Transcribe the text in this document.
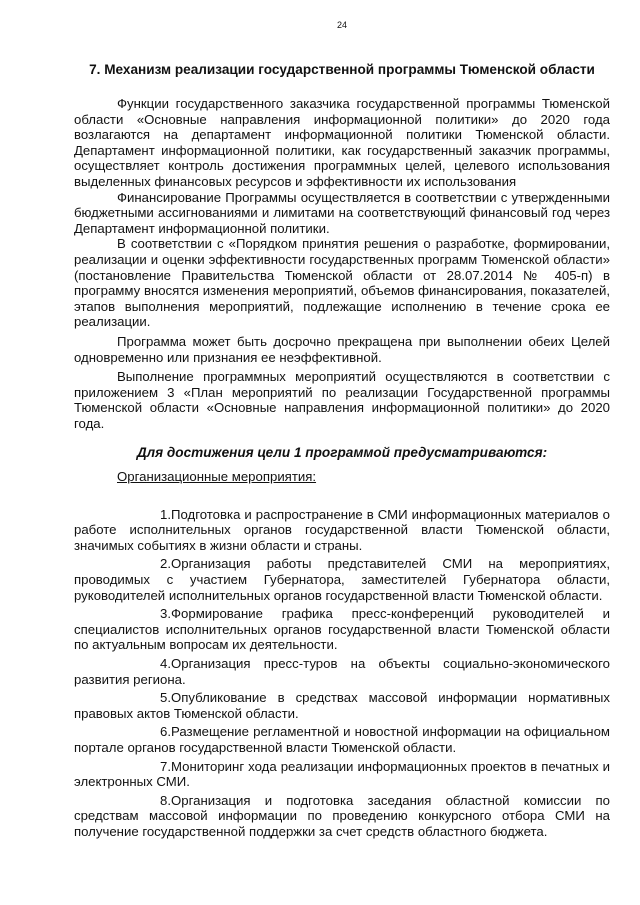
24
7. Механизм реализации государственной программы Тюменской области

Функции государственного заказчика государственной программы Тюменской области «Основные направления информационной политики» до 2020 года возлагаются на департамент информационной политики Тюменской области. Департамент информационной политики, как государственный заказчик программы, осуществляет контроль достижения программных целей, целевого использования выделенных финансовых ресурсов и эффективности их использования

Финансирование Программы осуществляется в соответствии с утвержденными бюджетными ассигнованиями и лимитами на соответствующий финансовый год через Департамент информационной политики.

В соответствии с «Порядком принятия решения о разработке, формировании, реализации и оценки эффективности государственных программ Тюменской области» (постановление Правительства Тюменской области от 28.07.2014 № 405-п) в программу вносятся изменения мероприятий, объемов финансирования, показателей, этапов выполнения мероприятий, подлежащие исполнению в течение срока ее реализации.

Программа может быть досрочно прекращена при выполнении обеих Целей одновременно или признания ее неэффективной.

Выполнение программных мероприятий осуществляются в соответствии с приложением 3 «План мероприятий по реализации Государственной программы Тюменской области «Основные направления информационной политики» до 2020 года.

Для достижения цели 1 программой предусматриваются:
Организационные мероприятия:
1.Подготовка и распространение в СМИ информационных материалов о работе исполнительных органов государственной власти Тюменской области, значимых событиях в жизни области и страны.
2.Организация работы представителей СМИ на мероприятиях, проводимых с участием Губернатора, заместителей Губернатора области, руководителей исполнительных органов государственной власти Тюменской области.
3.Формирование графика пресс-конференций руководителей и специалистов исполнительных органов государственной власти Тюменской области по актуальным вопросам их деятельности.
4.Организация пресс-туров на объекты социально-экономического развития региона.
5.Опубликование в средствах массовой информации нормативных правовых актов Тюменской области.
6.Размещение регламентной и новостной информации на официальном портале органов государственной власти Тюменской области.
7.Мониторинг хода реализации информационных проектов в печатных и электронных СМИ.
8.Организация и подготовка заседания областной комиссии по средствам массовой информации по проведению конкурсного отбора СМИ на получение государственной поддержки за счет средств областного бюджета.
